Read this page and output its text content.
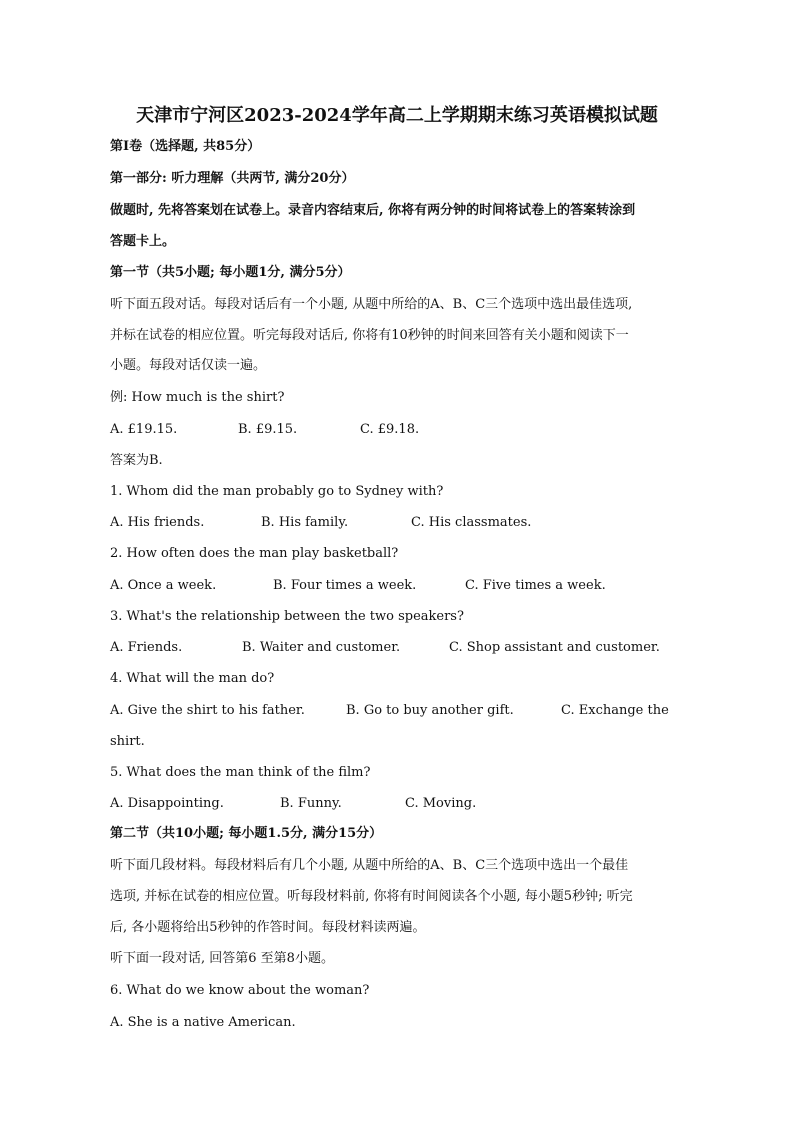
天津市宁河区2023-2024学年高二上学期期末练习英语模拟试题
第I卷（选择题, 共85分）
第一部分: 听力理解（共两节, 满分20分）
做题时, 先将答案划在试卷上。录音内容结束后, 你将有两分钟的时间将试卷上的答案转涂到
答题卡上。
第一节（共5小题; 每小题1分, 满分5分）
听下面五段对话。每段对话后有一个小题, 从题中所给的A、B、C三个选项中选出最佳选项,
并标在试卷的相应位置。听完每段对话后, 你将有10秒钟的时间来回答有关小题和阅读下一
小题。每段对话仅读一遍。
例: How much is the shirt?
A. £19.15.	B. £9.15.	C. £9.18.
答案为B.
1. Whom did the man probably go to Sydney with?
A. His friends.	B. His family.	C. His classmates.
2. How often does the man play basketball?
A. Once a week.	B. Four times a week.	C. Five times a week.
3. What's the relationship between the two speakers?
A. Friends.	B. Waiter and customer.	C. Shop assistant and customer.
4. What will the man do?
A. Give the shirt to his father.	B. Go to buy another gift.	C. Exchange the
shirt.
5. What does the man think of the film?
A. Disappointing.	B. Funny.	C. Moving.
第二节（共10小题; 每小题1.5分, 满分15分）
听下面几段材料。每段材料后有几个小题, 从题中所给的A、B、C三个选项中选出一个最佳
选项, 并标在试卷的相应位置。听每段材料前, 你将有时间阅读各个小题, 每小题5秒钟; 听完
后, 各小题将给出5秒钟的作答时间。每段材料读两遍。
听下面一段对话, 回答第6 至第8小题。
6. What do we know about the woman?
A. She is a native American.
